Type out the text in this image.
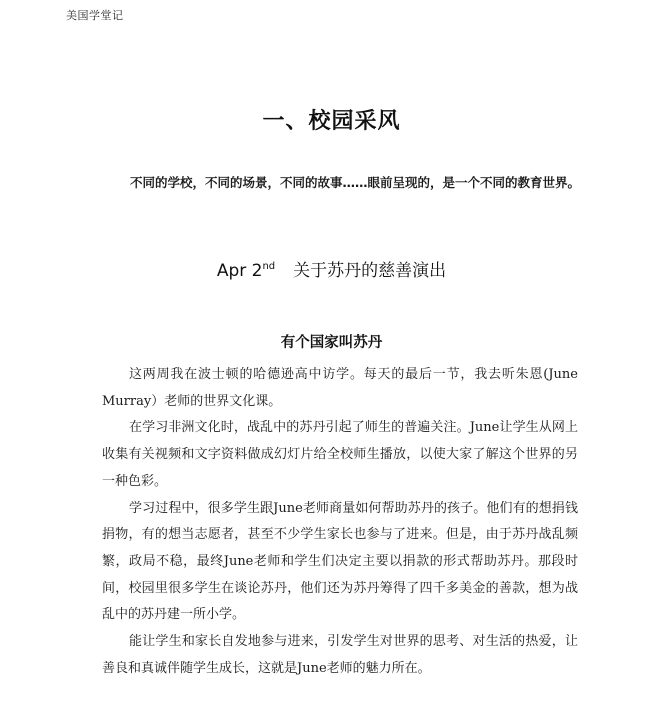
美国学堂记
一、校园采风

不同的学校，不同的场景，不同的故事……眼前呈现的，是一个不同的教育世界。

Apr 2nd 关于苏丹的慈善演出
有个国家叫苏丹

这两周我在波士顿的哈德逊高中访学。每天的最后一节，我去听朱恩(June Murray）老师的世界文化课。

在学习非洲文化时，战乱中的苏丹引起了师生的普遍关注。June让学生从网上收集有关视频和文字资料做成幻灯片给全校师生播放，以使大家了解这个世界的另一种色彩。

学习过程中，很多学生跟June老师商量如何帮助苏丹的孩子。他们有的想捐钱捐物，有的想当志愿者，甚至不少学生家长也参与了进来。但是，由于苏丹战乱频繁，政局不稳，最终June老师和学生们决定主要以捐款的形式帮助苏丹。那段时间，校园里很多学生在谈论苏丹，他们还为苏丹筹得了四千多美金的善款，想为战乱中的苏丹建一所小学。

能让学生和家长自发地参与进来，引发学生对世界的思考、对生活的热爱，让善良和真诚伴随学生成长，这就是June老师的魅力所在。
